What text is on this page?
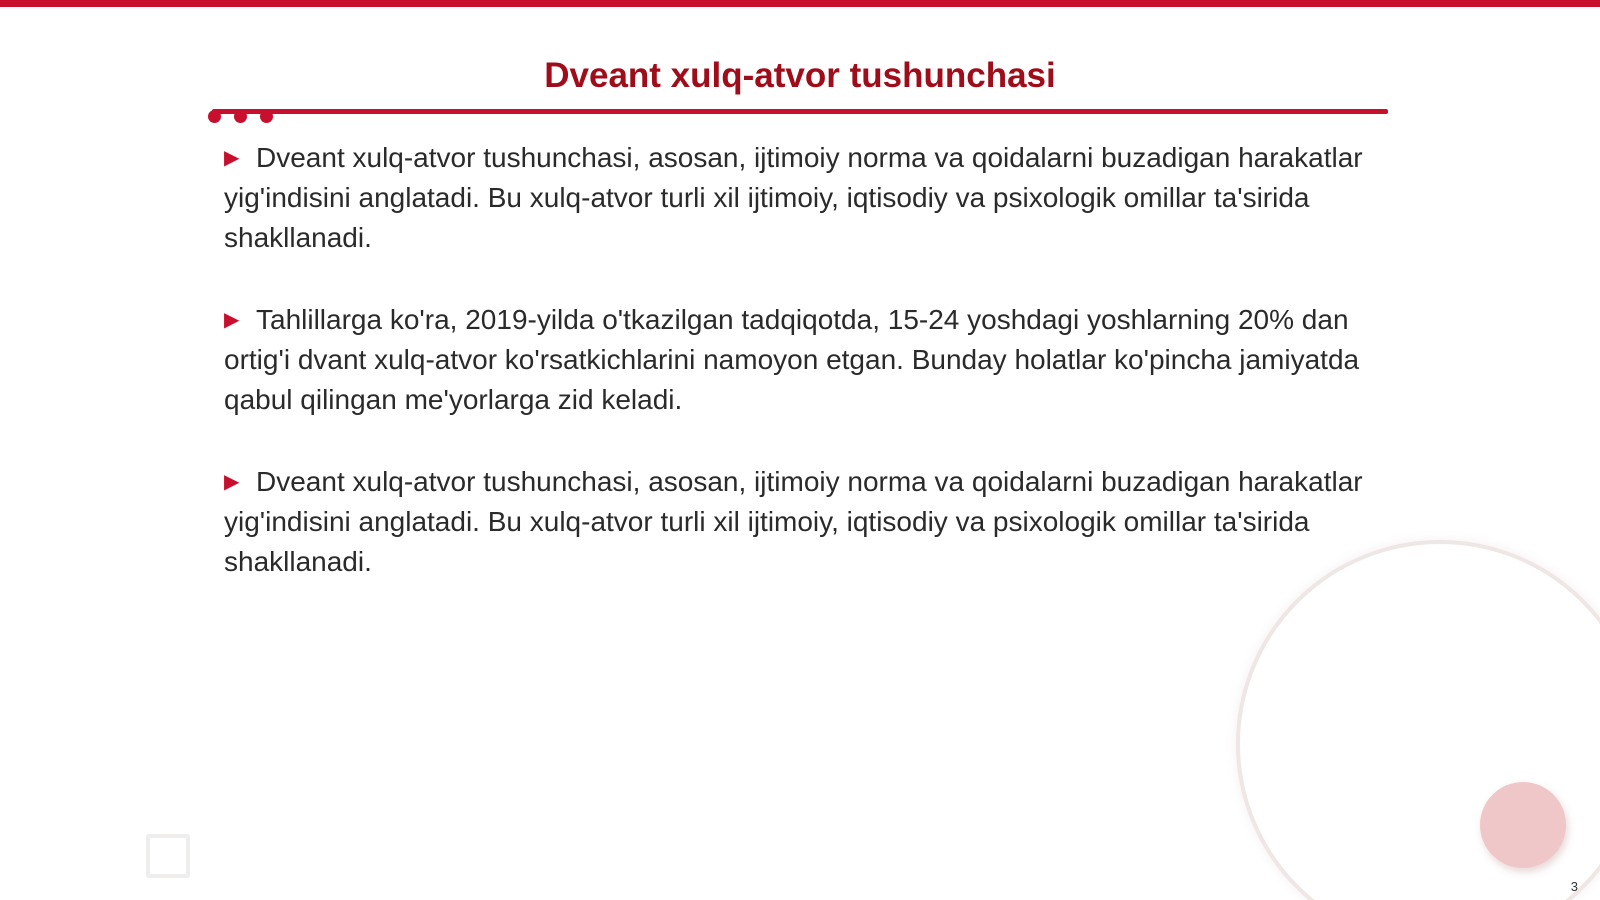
Dveant xulq-atvor tushunchasi

▶ Dveant xulq-atvor tushunchasi, asosan, ijtimoiy norma va qoidalarni buzadigan harakatlar yig'indisini anglatadi. Bu xulq-atvor turli xil ijtimoiy, iqtisodiy va psixologik omillar ta'sirida shakllanadi.

▶ Tahlillarga ko'ra, 2019-yilda o'tkazilgan tadqiqotda, 15-24 yoshdagi yoshlarning 20% dan ortig'i dvant xulq-atvor ko'rsatkichlarini namoyon etgan. Bunday holatlar ko'pincha jamiyatda qabul qilingan me'yorlarga zid keladi.

▶ Dveant xulq-atvor tushunchasi, asosan, ijtimoiy norma va qoidalarni buzadigan harakatlar yig'indisini anglatadi. Bu xulq-atvor turli xil ijtimoiy, iqtisodiy va psixologik omillar ta'sirida shakllanadi.

3
